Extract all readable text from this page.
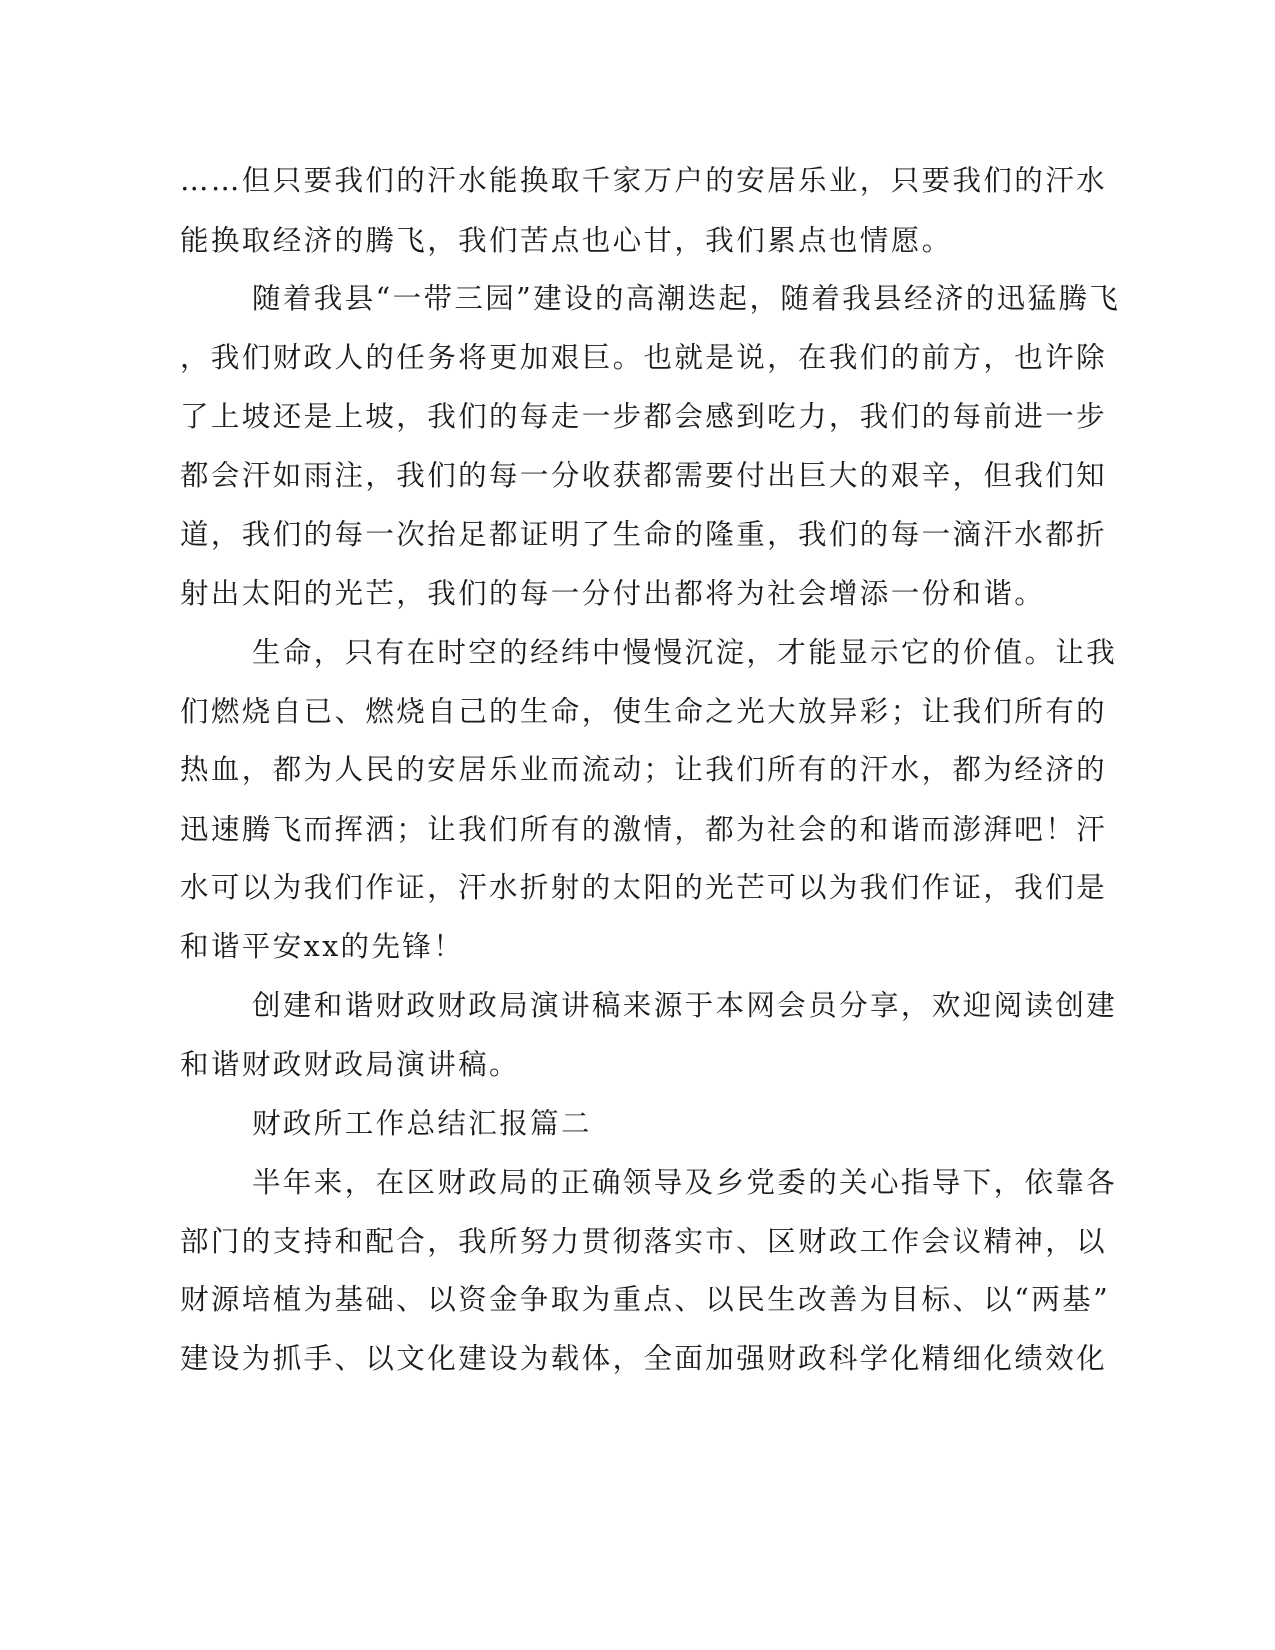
……但只要我们的汗水能换取千家万户的安居乐业，只要我们的汗水
能换取经济的腾飞，我们苦点也心甘，我们累点也情愿。
随着我县“一带三园”建设的高潮迭起，随着我县经济的迅猛腾飞
，我们财政人的任务将更加艰巨。也就是说，在我们的前方，也许除
了上坡还是上坡，我们的每走一步都会感到吃力，我们的每前进一步
都会汗如雨注，我们的每一分收获都需要付出巨大的艰辛，但我们知
道，我们的每一次抬足都证明了生命的隆重，我们的每一滴汗水都折
射出太阳的光芒，我们的每一分付出都将为社会增添一份和谐。
生命，只有在时空的经纬中慢慢沉淀，才能显示它的价值。让我
们燃烧自已、燃烧自己的生命，使生命之光大放异彩；让我们所有的
热血，都为人民的安居乐业而流动；让我们所有的汗水，都为经济的
迅速腾飞而挥洒；让我们所有的激情，都为社会的和谐而澎湃吧！汗
水可以为我们作证，汗水折射的太阳的光芒可以为我们作证，我们是
和谐平安xx的先锋！
创建和谐财政财政局演讲稿来源于本网会员分享，欢迎阅读创建
和谐财政财政局演讲稿。
财政所工作总结汇报篇二
半年来，在区财政局的正确领导及乡党委的关心指导下，依靠各
部门的支持和配合，我所努力贯彻落实市、区财政工作会议精神，以
财源培植为基础、以资金争取为重点、以民生改善为目标、以“两基”
建设为抓手、以文化建设为载体，全面加强财政科学化精细化绩效化
